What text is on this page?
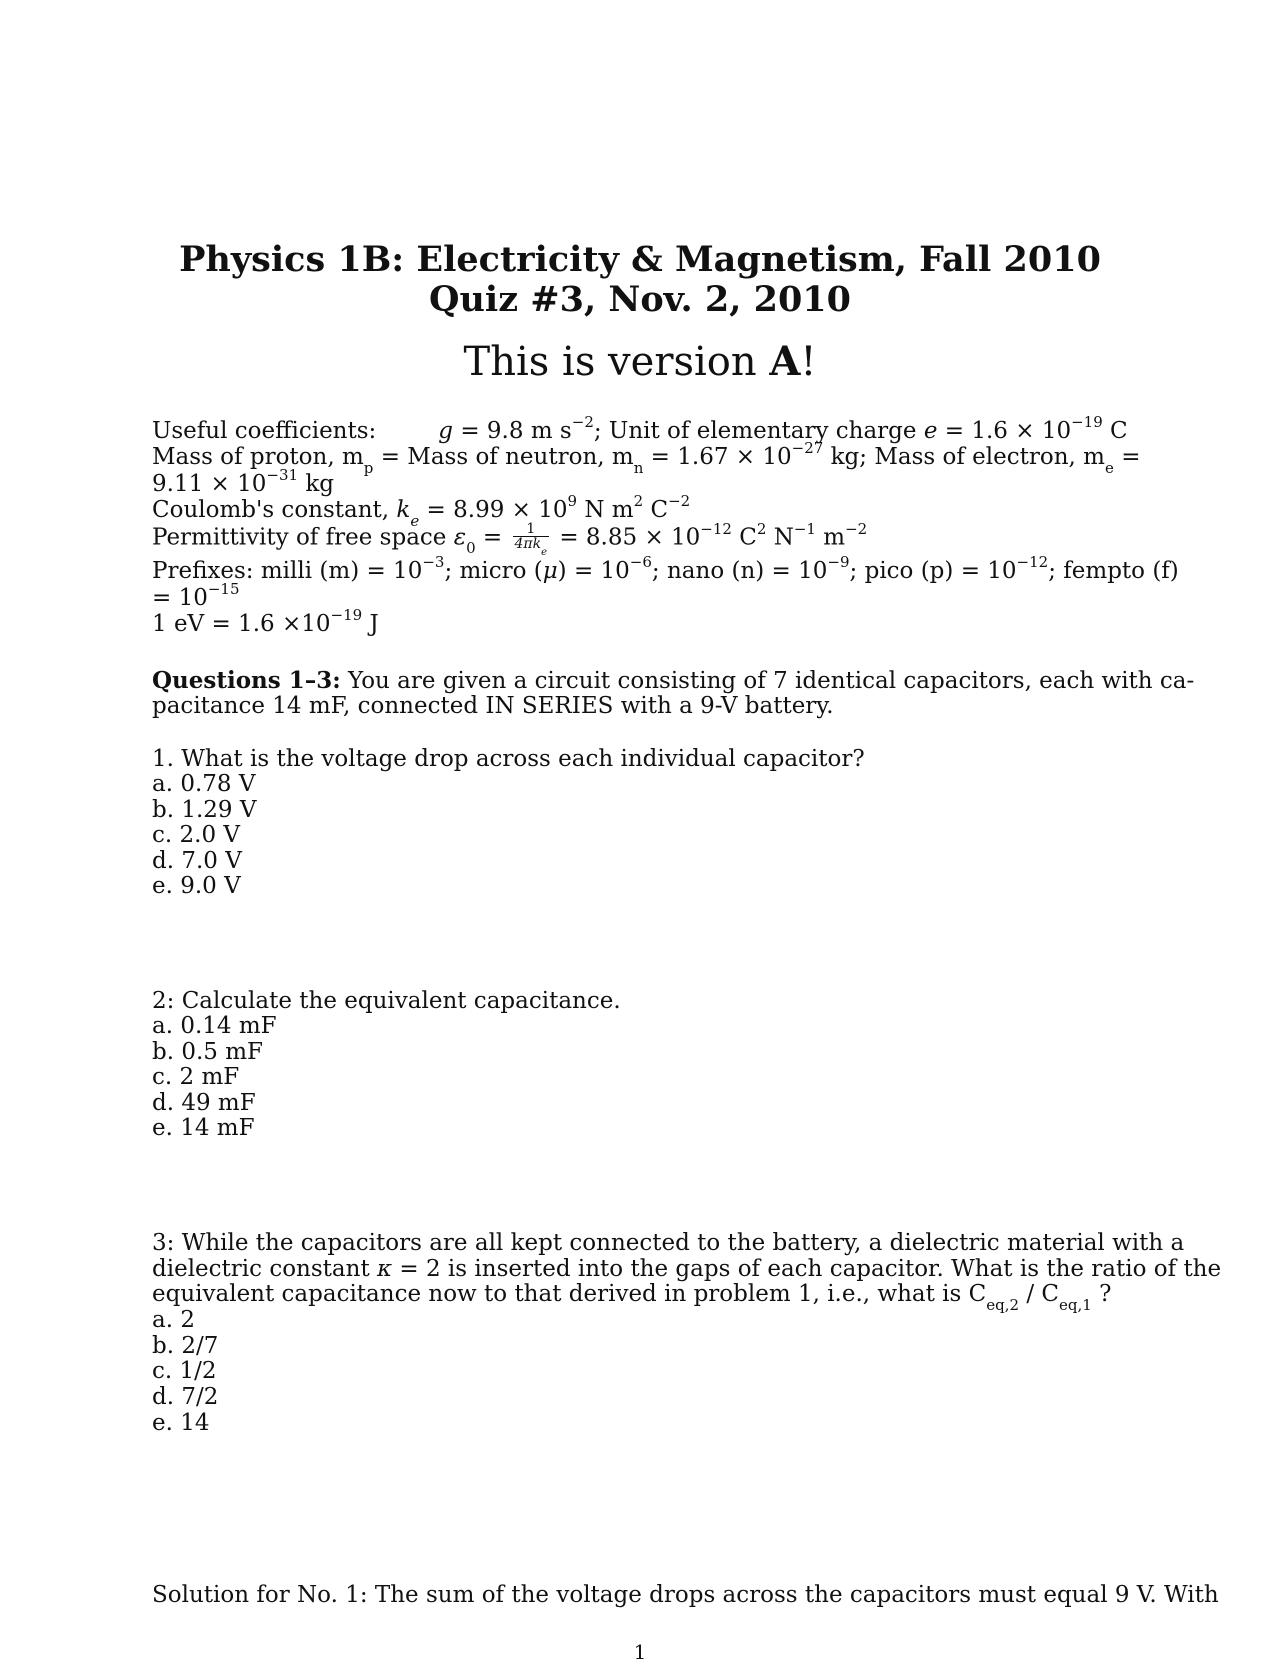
Physics 1B: Electricity & Magnetism, Fall 2010
Quiz #3, Nov. 2, 2010
This is version A!
Useful coefficients:	g = 9.8 m $s^{-2}$; Unit of elementary charge $e = 1.6 \times 10^{-19}$ C
Mass of proton, $m_p$ = Mass of neutron, $m_n = 1.67 \times 10^{-27}$ kg; Mass of electron, $m_e$ =
$9.11 \times 10^{-31}$ kg
Coulomb's constant, $k_e = 8.99 \times 10^9$ N $m^2$ $C^{-2}$
Permittivity of free space $\varepsilon_0 = \frac{1}{4\pi k_e} = 8.85 \times 10^{-12}$ $C^2$ $N^{-1}$ $m^{-2}$
Prefixes: milli $(m) = 10^{-3}$; micro $(\mu) = 10^{-6}$; nano $(n) = 10^{-9}$; pico $(p) = 10^{-12}$; fempto (f)
= $10^{-15}$
1 eV = $1.6 \times 10^{-19}$ J
Questions 1–3: You are given a circuit consisting of 7 identical capacitors, each with ca-
pacitance 14 mF, connected IN SERIES with a 9-V battery.
1. What is the voltage drop across each individual capacitor?
a. 0.78 V
b. 1.29 V
c. 2.0 V
d. 7.0 V
e. 9.0 V
2: Calculate the equivalent capacitance.
a. 0.14 mF
b. 0.5 mF
c. 2 mF
d. 49 mF
e. 14 mF
3: While the capacitors are all kept connected to the battery, a dielectric material with a
dielectric constant κ = 2 is inserted into the gaps of each capacitor. What is the ratio of the
equivalent capacitance now to that derived in problem 1, i.e., what is $C_{eq,2} / C_{eq,1}$ ?
a. 2
b. 2/7
c. 1/2
d. 7/2
e. 14
Solution for No. 1: The sum of the voltage drops across the capacitors must equal 9 V. With
1
